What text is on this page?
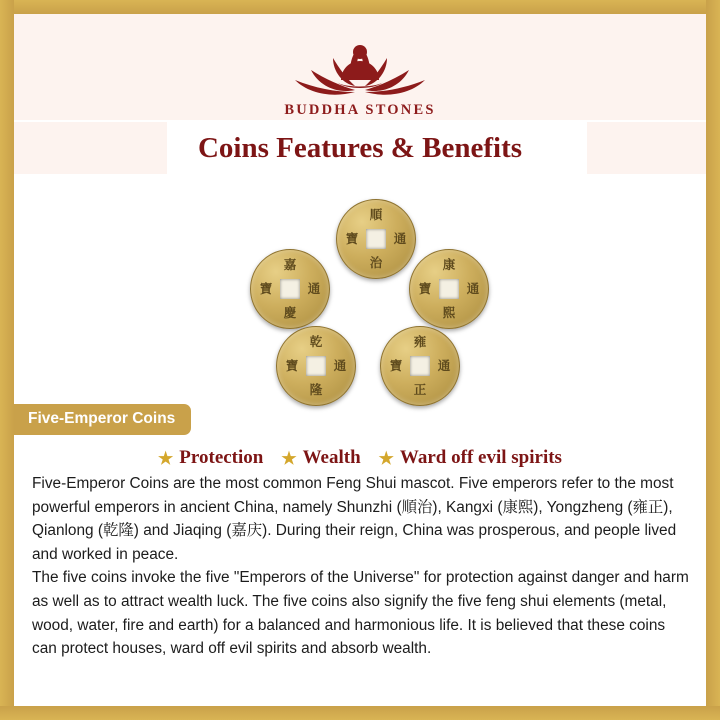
BUDDHA STONES
Coins Features & Benefits
順
治
寶	通
康
熙
寶	通
嘉
慶
寶	通
乾
隆
寶	通
雍
正
寶	通
Five-Emperor Coins
★ Protection ★ Wealth ★ Ward off evil spirits

Five-Emperor Coins are the most common Feng Shui mascot. Five emperors refer to the most powerful emperors in ancient China, namely Shunzhi (順治), Kangxi (康熙), Yongzheng (雍正), Qianlong (乾隆) and Jiaqing (嘉庆). During their reign, China was prosperous, and people lived and worked in peace.

The five coins invoke the five "Emperors of the Universe" for protection against danger and harm as well as to attract wealth luck. The five coins also signify the five feng shui elements (metal, wood, water, fire and earth) for a balanced and harmonious life. It is believed that these coins can protect houses, ward off evil spirits and absorb wealth.
